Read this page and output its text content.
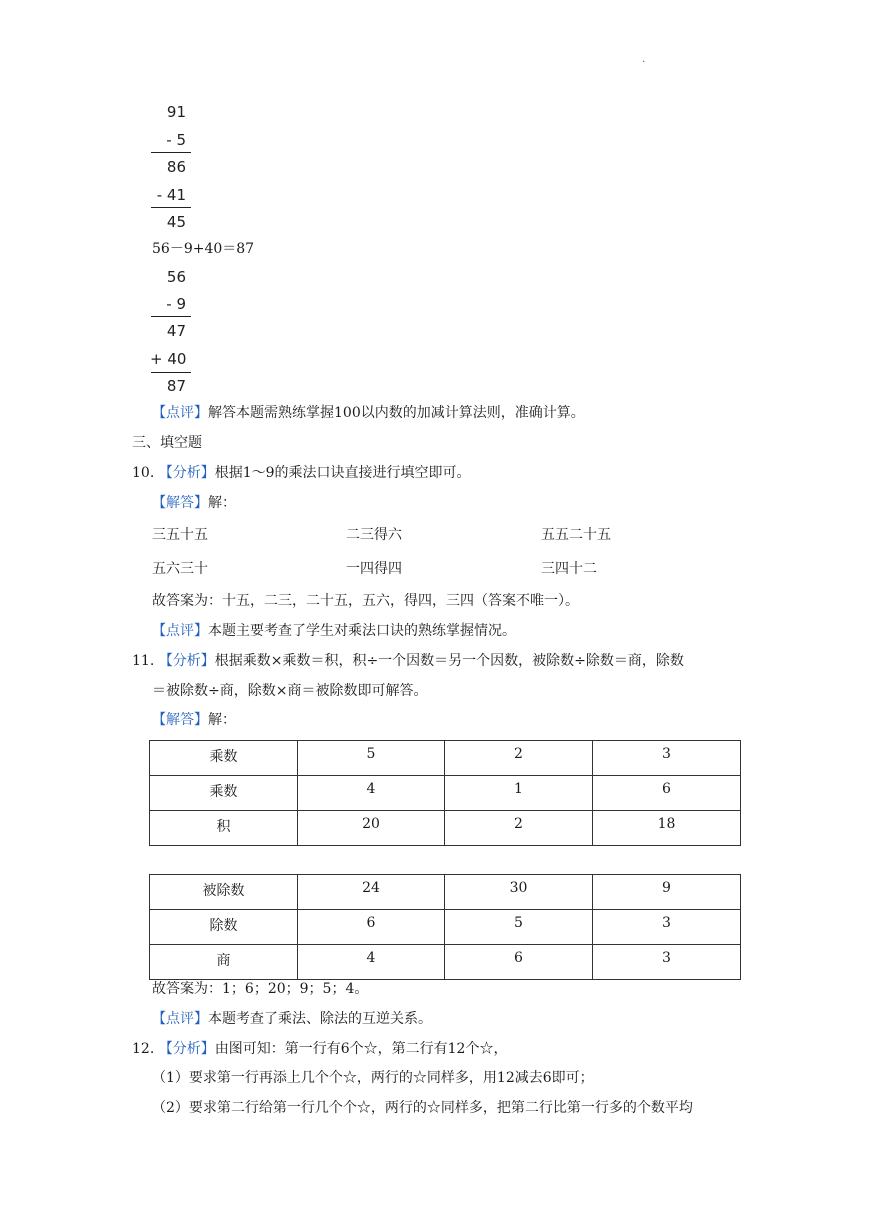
.
91
- 5
86
- 41
45
56－9+40＝87
56
- 9
47
+ 40
87
【点评】解答本题需熟练掌握100以内数的加减计算法则，准确计算。
三、填空题
10. 【分析】根据1～9的乘法口诀直接进行填空即可。
【解答】解：
三五十五	二三得六	五五二十五
五六三十	一四得四	三四十二
故答案为：十五，二三，二十五，五六，得四，三四（答案不唯一）。
【点评】本题主要考查了学生对乘法口诀的熟练掌握情况。
11. 【分析】根据乘数×乘数＝积，积÷一个因数＝另一个因数，被除数÷除数＝商，除数
＝被除数÷商，除数×商＝被除数即可解答。
【解答】解：
乘数	5	2	3
乘数	4	1	6
积	20	2	18
被除数	24	30	9
除数	6	5	3
商	4	6	3
故答案为：1；6；20；9；5；4。
【点评】本题考查了乘法、除法的互逆关系。
12. 【分析】由图可知：第一行有6个☆，第二行有12个☆，
（1）要求第一行再添上几个个☆，两行的☆同样多，用12减去6即可；
（2）要求第二行给第一行几个个☆，两行的☆同样多，把第二行比第一行多的个数平均
